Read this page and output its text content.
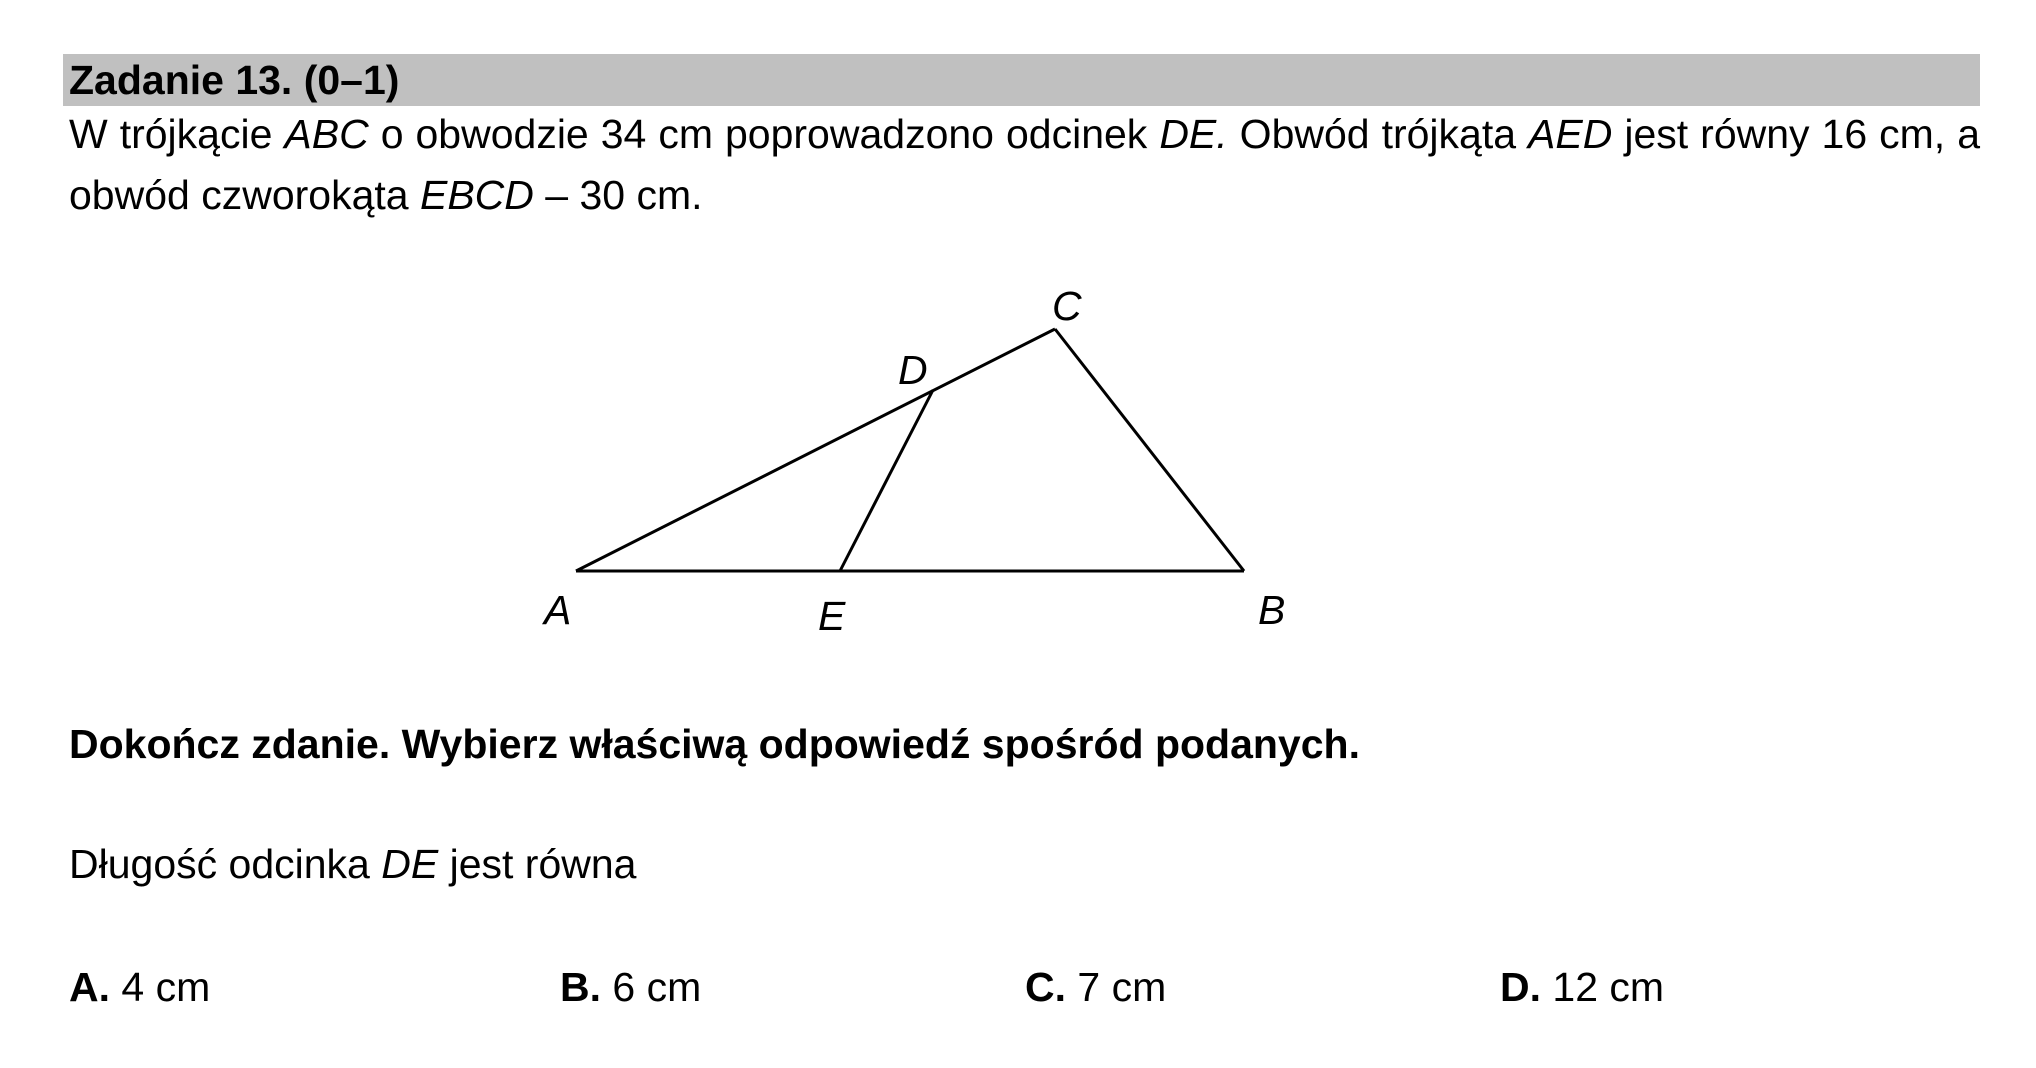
Zadanie 13. (0–1)
W trójkącie ABC o obwodzie 34 cm poprowadzono odcinek DE. Obwód trójkąta AED jest równy 16 cm, a obwód czworokąta EBCD – 30 cm.
A	E	B
C
D
Dokończ zdanie. Wybierz właściwą odpowiedź spośród podanych.
Długość odcinka DE jest równa
A. 4 cm	B. 6 cm	C. 7 cm	D. 12 cm
